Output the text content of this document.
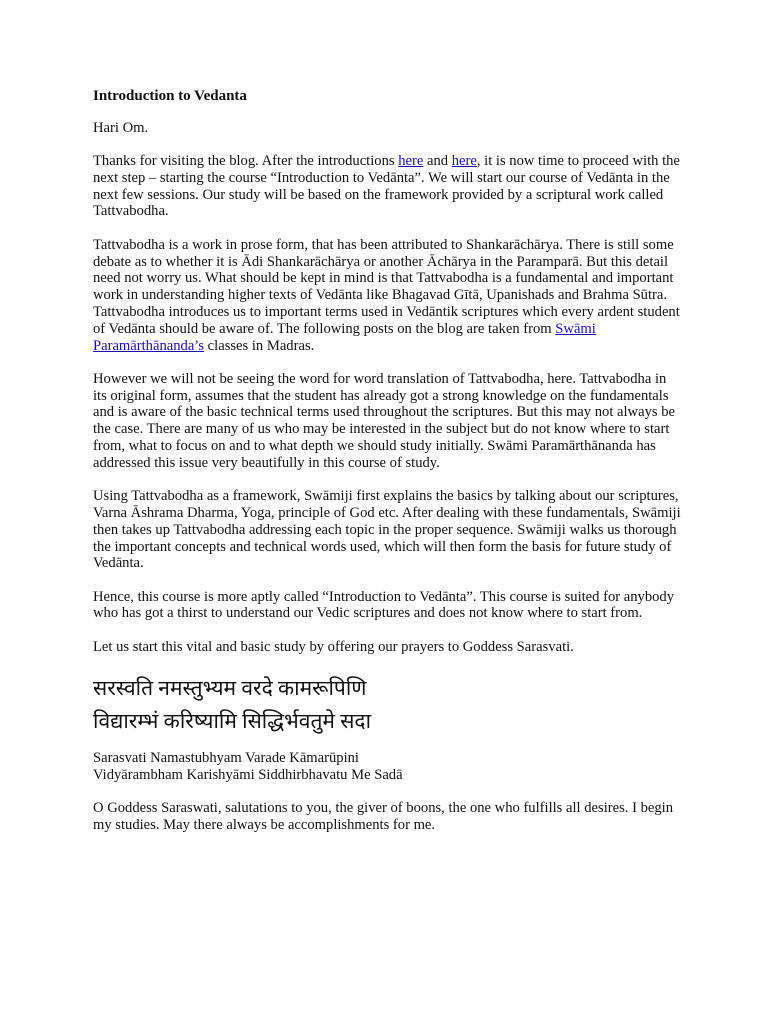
Introduction to Vedanta

Hari Om.

Thanks for visiting the blog. After the introductions here and here, it is now time to proceed with the next step – starting the course “Introduction to Vedānta”. We will start our course of Vedānta in the next few sessions. Our study will be based on the framework provided by a scriptural work called Tattvabodha.

Tattvabodha is a work in prose form, that has been attributed to Shankarāchārya. There is still some debate as to whether it is Ādi Shankarāchārya or another Āchārya in the Paramparā. But this detail need not worry us. What should be kept in mind is that Tattvabodha is a fundamental and important work in understanding higher texts of Vedānta like Bhagavad Gītā, Upanishads and Brahma Sūtra. Tattvabodha introduces us to important terms used in Vedāntik scriptures which every ardent student of Vedānta should be aware of. The following posts on the blog are taken from Swāmi Paramārthānanda’s classes in Madras.

However we will not be seeing the word for word translation of Tattvabodha, here. Tattvabodha in its original form, assumes that the student has already got a strong knowledge on the fundamentals and is aware of the basic technical terms used throughout the scriptures. But this may not always be the case. There are many of us who may be interested in the subject but do not know where to start from, what to focus on and to what depth we should study initially. Swāmi Paramārthānanda has addressed this issue very beautifully in this course of study.

Using Tattvabodha as a framework, Swāmiji first explains the basics by talking about our scriptures, Varna Āshrama Dharma, Yoga, principle of God etc. After dealing with these fundamentals, Swāmiji then takes up Tattvabodha addressing each topic in the proper sequence. Swāmiji walks us thorough the important concepts and technical words used, which will then form the basis for future study of Vedānta.

Hence, this course is more aptly called “Introduction to Vedānta”. This course is suited for anybody who has got a thirst to understand our Vedic scriptures and does not know where to start from.

Let us start this vital and basic study by offering our prayers to Goddess Sarasvati.

सरस्वति नमस्तुभ्यम वरदे कामरूपिणि
विद्यारम्भं करिष्यामि सिद्धिर्भवतुमे सदा
Sarasvati Namastubhyam Varade Kāmarūpini
Vidyārambham Karishyāmi Siddhirbhavatu Me Sadā

O Goddess Saraswati, salutations to you, the giver of boons, the one who fulfills all desires. I begin my studies. May there always be accomplishments for me.
